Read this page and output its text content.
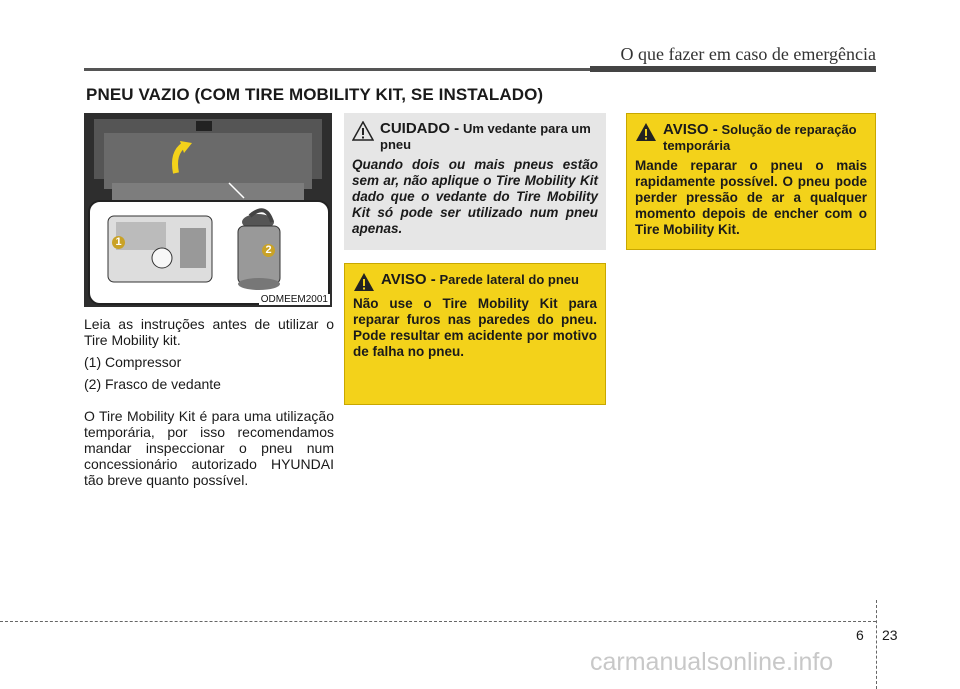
O que fazer em caso de emergência
PNEU VAZIO (COM TIRE MOBILITY KIT, SE INSTALADO)
1
2
ODMEEM2001

Leia as instruções antes de utilizar o Tire Mobility kit.

(1) Compressor

(2) Frasco de vedante

O Tire Mobility Kit é para uma utilização temporária, por isso recomendamos mandar inspeccionar o pneu num concessionário autorizado HYUNDAI tão breve quanto possível.

CUIDADO - Um vedante para um pneu
Quando dois ou mais pneus estão sem ar, não aplique o Tire Mobility Kit dado que o vedante do Tire Mobility Kit só pode ser utilizado num pneu apenas.
AVISO - Parede lateral do pneu
Não use o Tire Mobility Kit para reparar furos nas paredes do pneu. Pode resultar em acidente por motivo de falha no pneu.
AVISO - Solução de reparação temporária
Mande reparar o pneu o mais rapidamente possível. O pneu pode perder pressão de ar a qualquer momento depois de encher com o Tire Mobility Kit.
6 23
carmanualsonline.info
